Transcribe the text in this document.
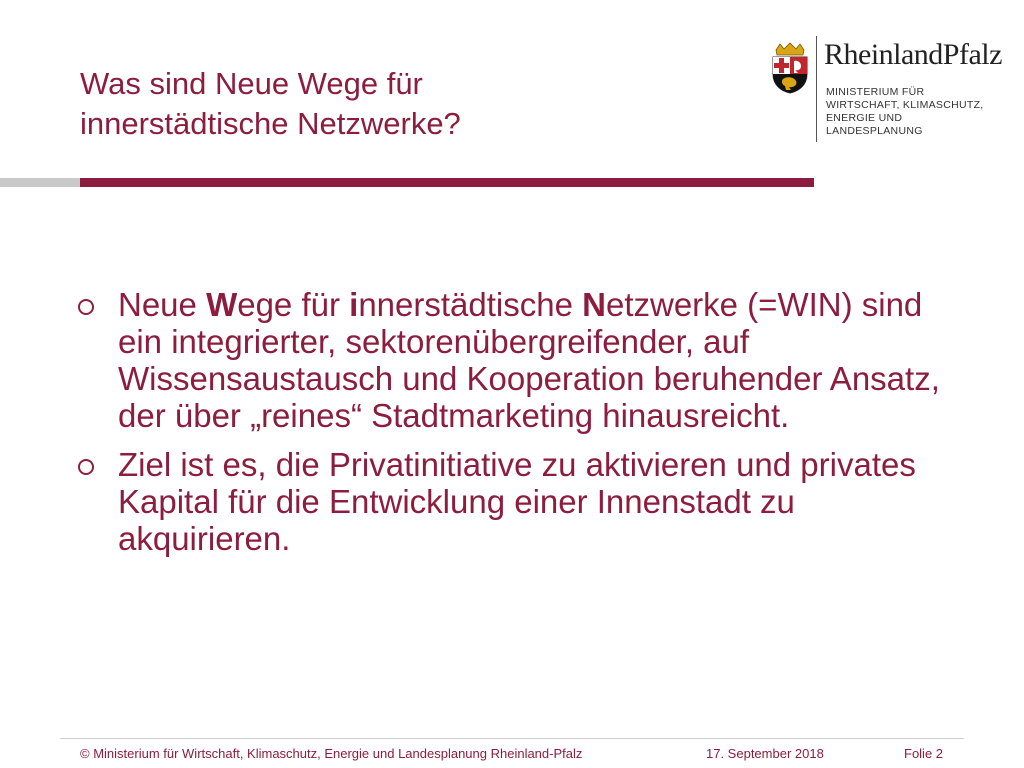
Was sind Neue Wege für
innerstädtische Netzwerke?
RheinlandPfalz
MINISTERIUM FÜR
WIRTSCHAFT, KLIMASCHUTZ,
ENERGIE UND
LANDESPLANUNG
Neue Wege für innerstädtische Netzwerke (=WIN) sind ein integrierter, sektorenübergreifender, auf Wissensaustausch und Kooperation beruhender Ansatz, der über „reines“ Stadtmarketing hinausreicht.
Ziel ist es, die Privatinitiative zu aktivieren und privates Kapital für die Entwicklung einer Innenstadt zu akquirieren.
© Ministerium für Wirtschaft, Klimaschutz, Energie und Landesplanung Rheinland-Pfalz	17. September 2018	Folie 2
